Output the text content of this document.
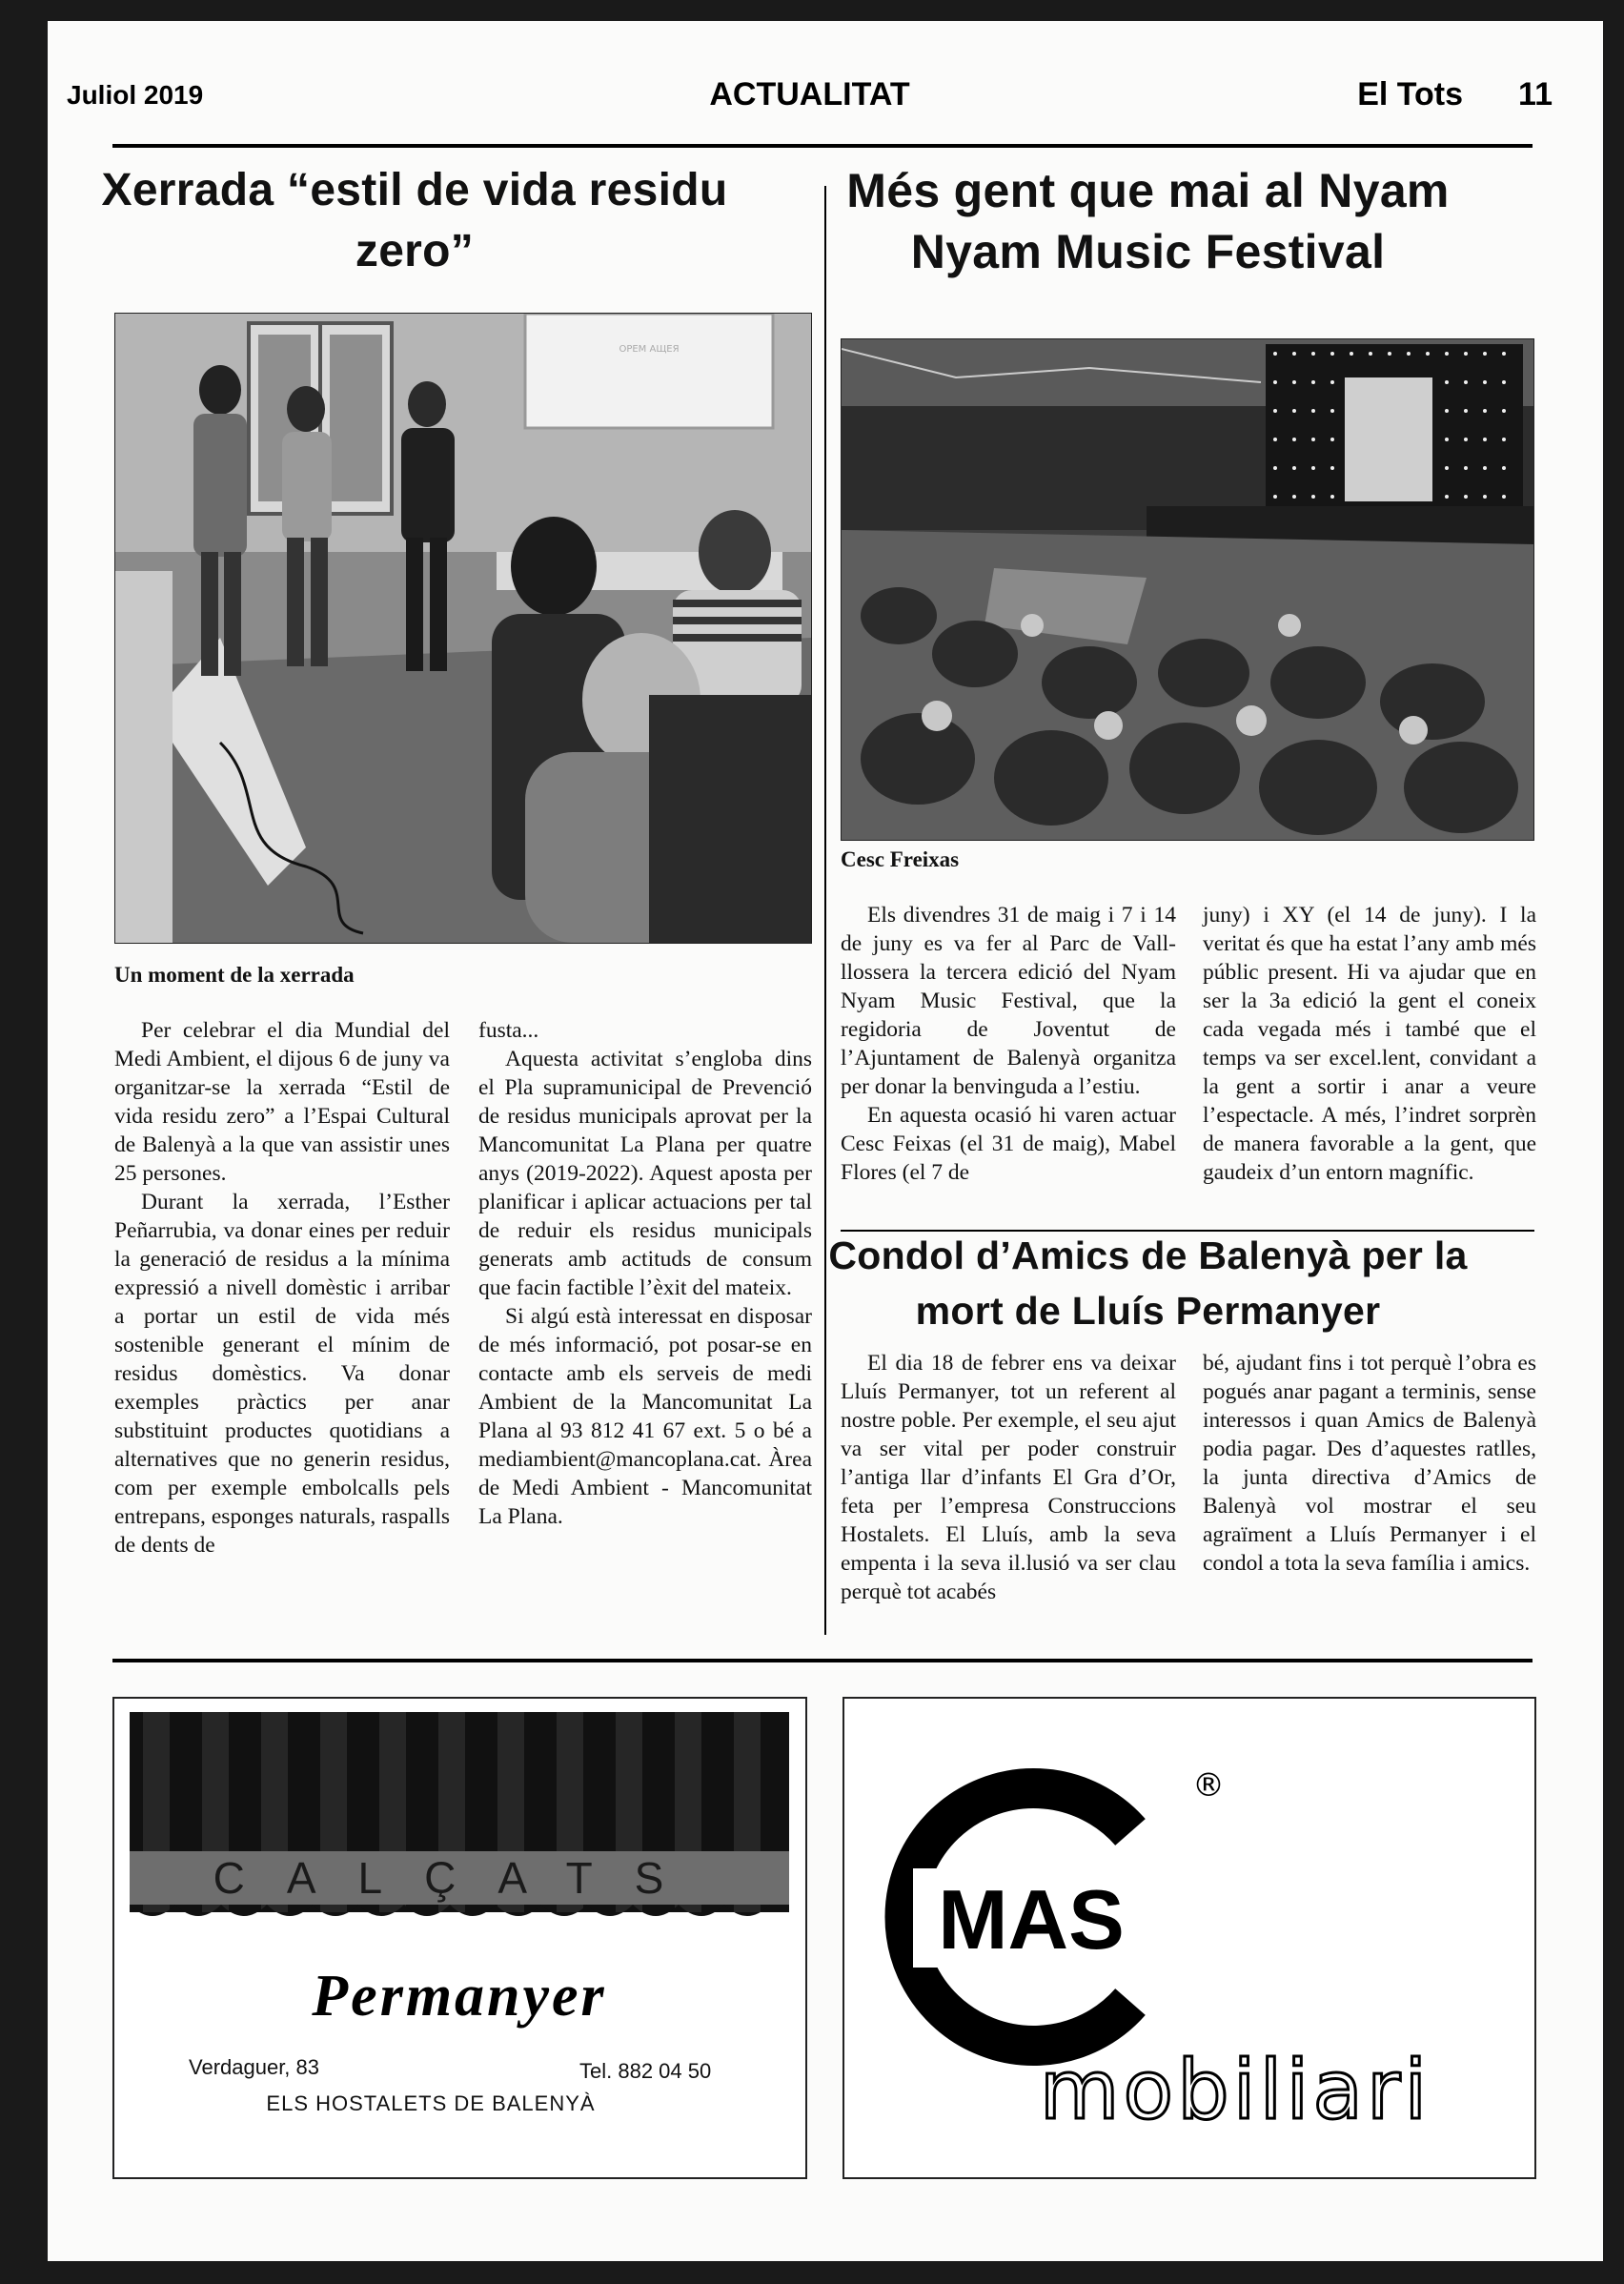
Juliol 2019	ACTUALITAT	El Tots 11
Xerrada “estil de vida residu zero”
ОРЕМ АЩЕЯ
Un moment de la xerrada

Per celebrar el dia Mundial del Medi Ambient, el dijous 6 de juny va organitzar-se la xerrada “Estil de vida residu zero” a l’Espai Cultural de Balenyà a la que van assistir unes 25 persones.

Durant la xerrada, l’Esther Peñarrubia, va donar eines per reduir la generació de residus a la mínima expressió a nivell domèstic i arribar a portar un estil de vida més sostenible generant el mínim de residus domèstics. Va donar exemples pràctics per anar substituint productes quotidians a alternatives que no generin residus, com per exemple embolcalls pels entrepans, esponges naturals, raspalls de dents de

fusta...

Aquesta activitat s’engloba dins el Pla supramunicipal de Prevenció de residus municipals aprovat per la Mancomunitat La Plana per quatre anys (2019-2022). Aquest aposta per planificar i aplicar actuacions per tal de reduir els residus municipals generats amb actituds de consum que facin factible l’èxit del mateix.

Si algú està interessat en disposar de més informació, pot posar-se en contacte amb els serveis de medi Ambient de la Mancomunitat La Plana al 93 812 41 67 ext. 5 o bé a mediambient@mancoplana.cat. Àrea de Medi Ambient - Mancomunitat La Plana.

Més gent que mai al Nyam Nyam Music Festival
Cesc Freixas

Els divendres 31 de maig i 7 i 14 de juny es va fer al Parc de Vall-llossera la tercera edició del Nyam Nyam Music Festival, que la regidoria de Joventut de l’Ajuntament de Balenyà organitza per donar la benvinguda a l’estiu.

En aquesta ocasió hi varen actuar Cesc Feixas (el 31 de maig), Mabel Flores (el 7 de

juny) i XY (el 14 de juny). I la veritat és que ha estat l’any amb més públic present. Hi va ajudar que en ser la 3a edició la gent el coneix cada vegada més i també que el temps va ser excel.lent, convidant a la gent a sortir i anar a veure l’espectacle. A més, l’indret sorprèn de manera favorable a la gent, que gaudeix d’un entorn magnífic.

Condol d’Amics de Balenyà per la mort de Lluís Permanyer

El dia 18 de febrer ens va deixar Lluís Permanyer, tot un referent al nostre poble. Per exemple, el seu ajut va ser vital per poder construir l’antiga llar d’infants El Gra d’Or, feta per l’empresa Construccions Hostalets. El Lluís, amb la seva empenta i la seva il.lusió va ser clau perquè tot acabés

bé, ajudant fins i tot perquè l’obra es pogués anar pagant a terminis, sense interessos i quan Amics de Balenyà podia pagar. Des d’aquestes ratlles, la junta directiva d’Amics de Balenyà vol mostrar el seu agraïment a Lluís Permanyer i el condol a tota la seva família i amics.

CALÇATS
Permanyer
Verdaguer, 83	Tel. 882 04 50
ELS HOSTALETS DE BALENYÀ
MAS
®
mobiliari
